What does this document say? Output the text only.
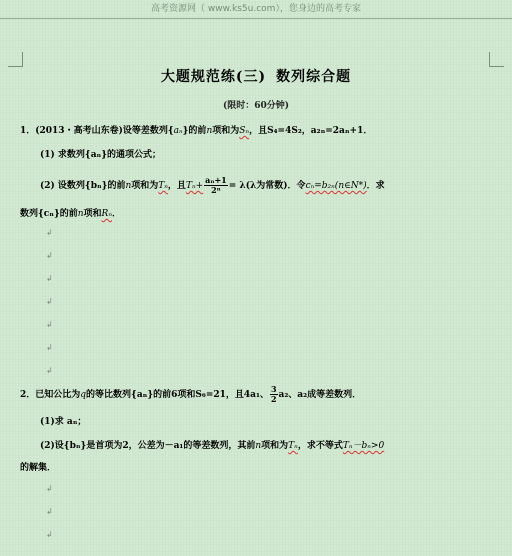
高考资源网（ www.ks5u.com），您身边的高考专家
大题规范练(三) 数列综合题
(限时：60分钟)
1．(2013・高考山东卷)设等差数列{aₙ}的前n项和为Sₙ，且S₄=4S₂，a₂ₙ=2aₙ+1．
(1) 求数列{aₙ}的通项公式；
(2) 设数列{bₙ}的前n项和为Tₙ，且$T_n+ \frac{\text{aₙ+1}}{\text{2ⁿ}} = \lambda(\lambda$为常数)．令cₙ=b₂ₙ(n∈N*)．求
数列{cₙ}的前n项和Rₙ．
↲
↲
↲
↲
↲
↲
↲
2．已知公比为q的等比数列{aₙ}的前6项和S₆=21，且4a₁、 $\frac{3}{2} a_2$、a₂成等差数列．
(1)求 aₙ；
(2)设{bₙ}是首项为2，公差为－a₁的等差数列，其前n项和为Tₙ，求不等式Tₙ－bₙ>0
的解集．
↲
↲
↲
